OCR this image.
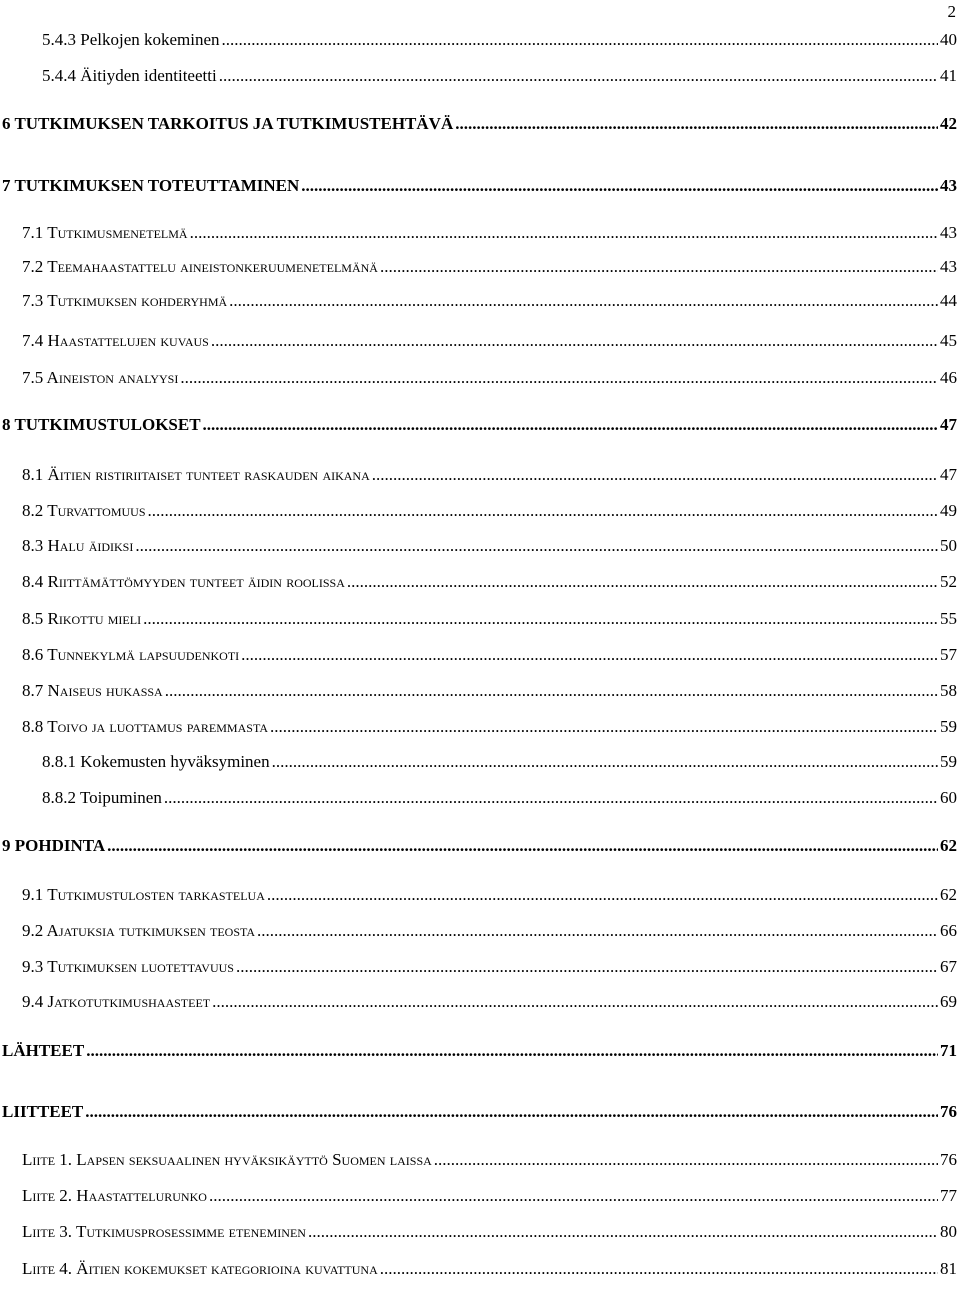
2
5.4.3 Pelkojen kokeminen .....	40
5.4.4 Äitiyden identiteetti .....	41
6 TUTKIMUKSEN TARKOITUS JA TUTKIMUSTEHTÄVÄ .....	42
7 TUTKIMUKSEN TOTEUTTAMINEN .....	43
7.1 Tutkimusmenetelmä .....	43
7.2 Teemahaastattelu aineistonkeruumenetelmänä .....	43
7.3 Tutkimuksen kohderyhmä .....	44
7.4 Haastattelujen kuvaus .....	45
7.5 Aineiston analyysi .....	46
8 TUTKIMUSTULOKSET .....	47
8.1 Äitien ristiriitaiset tunteet raskauden aikana .....	47
8.2 Turvattomuus .....	49
8.3 Halu äidiksi .....	50
8.4 Riittämättömyyden tunteet äidin roolissa .....	52
8.5 Rikottu mieli .....	55
8.6 Tunnekylmä lapsuudenkoti .....	57
8.7 Naiseus hukassa .....	58
8.8 Toivo ja luottamus paremmasta .....	59
8.8.1 Kokemusten hyväksyminen .....	59
8.8.2 Toipuminen .....	60
9 POHDINTA .....	62
9.1 Tutkimustulosten tarkastelua .....	62
9.2 Ajatuksia tutkimuksen teosta .....	66
9.3 Tutkimuksen luotettavuus .....	67
9.4 Jatkotutkimushaasteet .....	69
LÄHTEET .....	71
LIITTEET .....	76
Liite 1. Lapsen seksuaalinen hyväksikäyttö Suomen laissa .....	76
Liite 2. Haastattelurunko .....	77
Liite 3. Tutkimusprosessimme eteneminen .....	80
Liite 4. Äitien kokemukset kategorioina kuvattuna .....	81
